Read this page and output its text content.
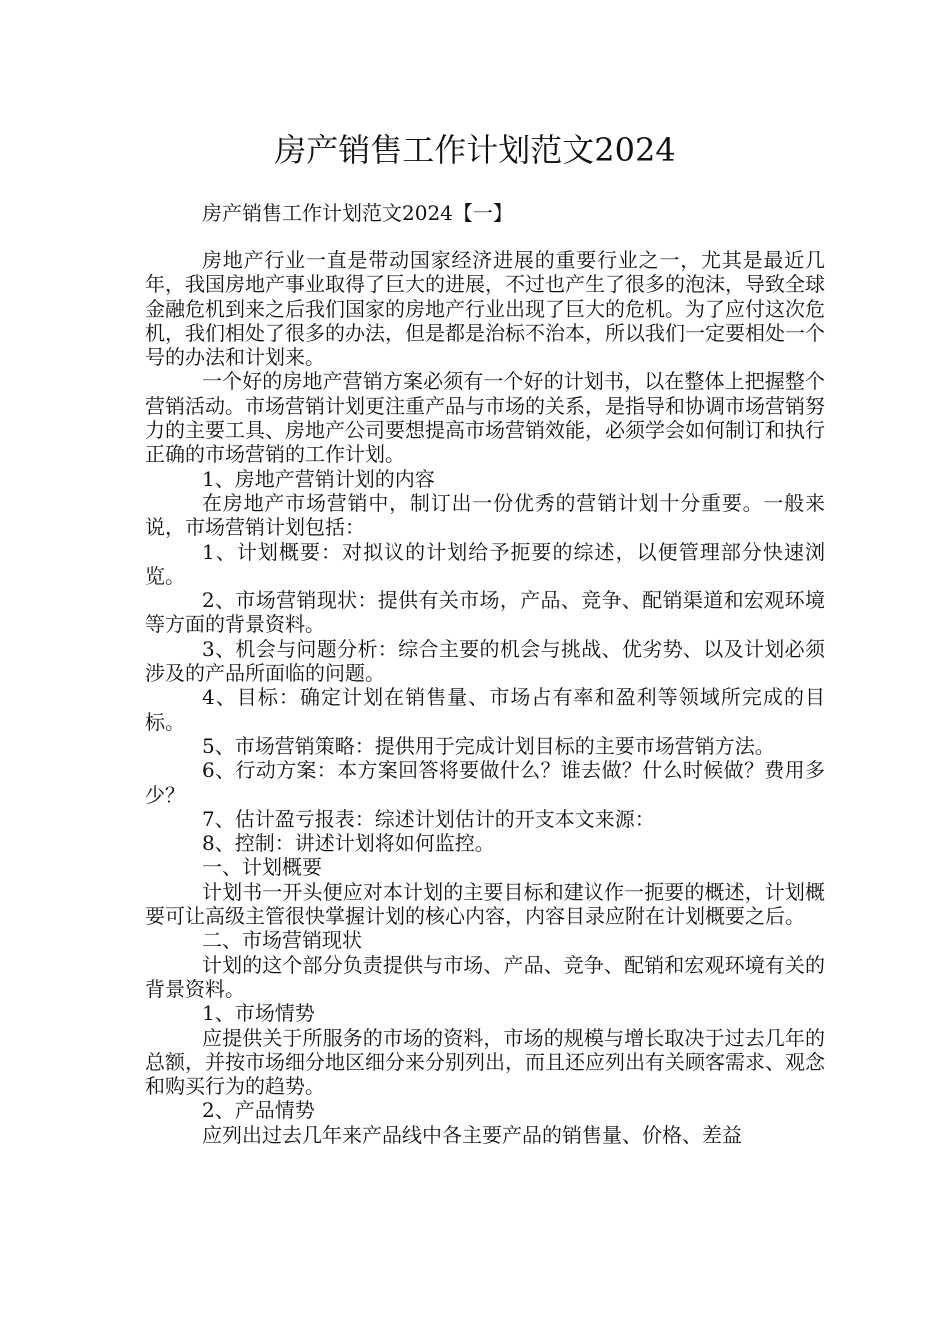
房产销售工作计划范文2024

房产销售工作计划范文2024【一】

房地产行业一直是带动国家经济进展的重要行业之一，尤其是最近几年，我国房地产事业取得了巨大的进展，不过也产生了很多的泡沫，导致全球金融危机到来之后我们国家的房地产行业出现了巨大的危机。为了应付这次危机，我们相处了很多的办法，但是都是治标不治本，所以我们一定要相处一个号的办法和计划来。

一个好的房地产营销方案必须有一个好的计划书，以在整体上把握整个营销活动。市场营销计划更注重产品与市场的关系，是指导和协调市场营销努力的主要工具、房地产公司要想提高市场营销效能，必须学会如何制订和执行正确的市场营销的工作计划。

1、房地产营销计划的内容

在房地产市场营销中，制订出一份优秀的营销计划十分重要。一般来说，市场营销计划包括：

1、计划概要：对拟议的计划给予扼要的综述，以便管理部分快速浏览。

2、市场营销现状：提供有关市场，产品、竞争、配销渠道和宏观环境等方面的背景资料。

3、机会与问题分析：综合主要的机会与挑战、优劣势、以及计划必须涉及的产品所面临的问题。

4、目标：确定计划在销售量、市场占有率和盈利等领域所完成的目标。

5、市场营销策略：提供用于完成计划目标的主要市场营销方法。

6、行动方案：本方案回答将要做什么？谁去做？什么时候做？费用多少？

7、估计盈亏报表：综述计划估计的开支本文来源：

8、控制：讲述计划将如何监控。

一、计划概要

计划书一开头便应对本计划的主要目标和建议作一扼要的概述，计划概要可让高级主管很快掌握计划的核心内容，内容目录应附在计划概要之后。

二、市场营销现状

计划的这个部分负责提供与市场、产品、竞争、配销和宏观环境有关的背景资料。

1、市场情势

应提供关于所服务的市场的资料，市场的规模与增长取决于过去几年的总额，并按市场细分地区细分来分别列出，而且还应列出有关顾客需求、观念和购买行为的趋势。

2、产品情势

应列出过去几年来产品线中各主要产品的销售量、价格、差益
